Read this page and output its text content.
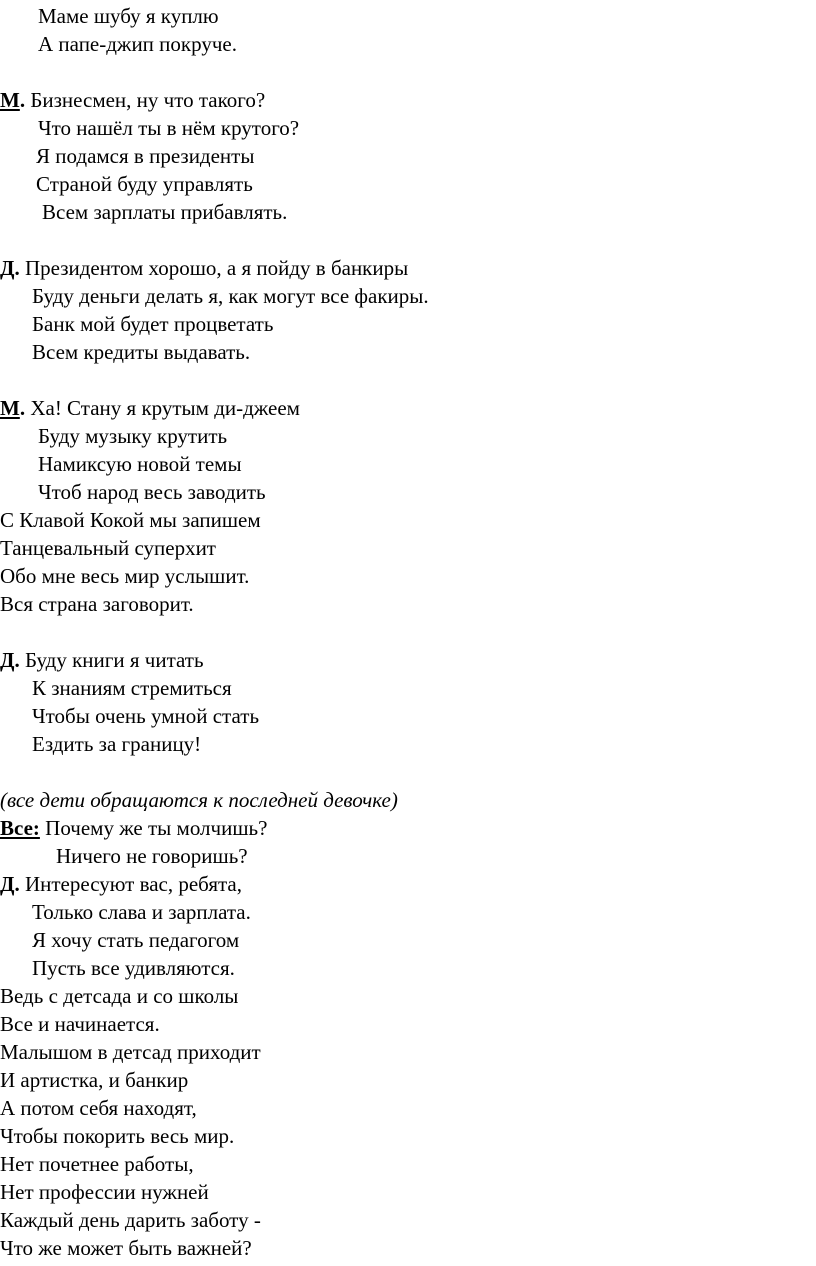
Маме шубу я куплю
А папе-джип покруче.
М. Бизнесмен, ну что такого?
Что нашёл ты в нём крутого?
Я подамся в президенты
Страной буду управлять
Всем зарплаты прибавлять.
Д. Президентом хорошо, а я пойду в банкиры
Буду деньги делать я, как могут все факиры.
Банк мой будет процветать
Всем кредиты выдавать.
М. Ха! Стану я крутым ди-джеем
Буду музыку крутить
Намиксую новой темы
Чтоб народ весь заводить
С Клавой Кокой мы запишем
Танцевальный суперхит
Обо мне весь мир услышит.
Вся страна заговорит.
Д. Буду книги я читать
К знаниям стремиться
Чтобы очень умной стать
Ездить за границу!
(все дети обращаются к последней девочке)
Все: Почему же ты молчишь?
Ничего не говоришь?
Д. Интересуют вас, ребята,
Только слава и зарплата.
Я хочу стать педагогом
Пусть все удивляются.
Ведь с детсада и со школы
Все и начинается.
Малышом в детсад приходит
И артистка, и банкир
А потом себя находят,
Чтобы покорить весь мир.
Нет почетнее работы,
Нет профессии нужней
Каждый день дарить заботу -
Что же может быть важней?
